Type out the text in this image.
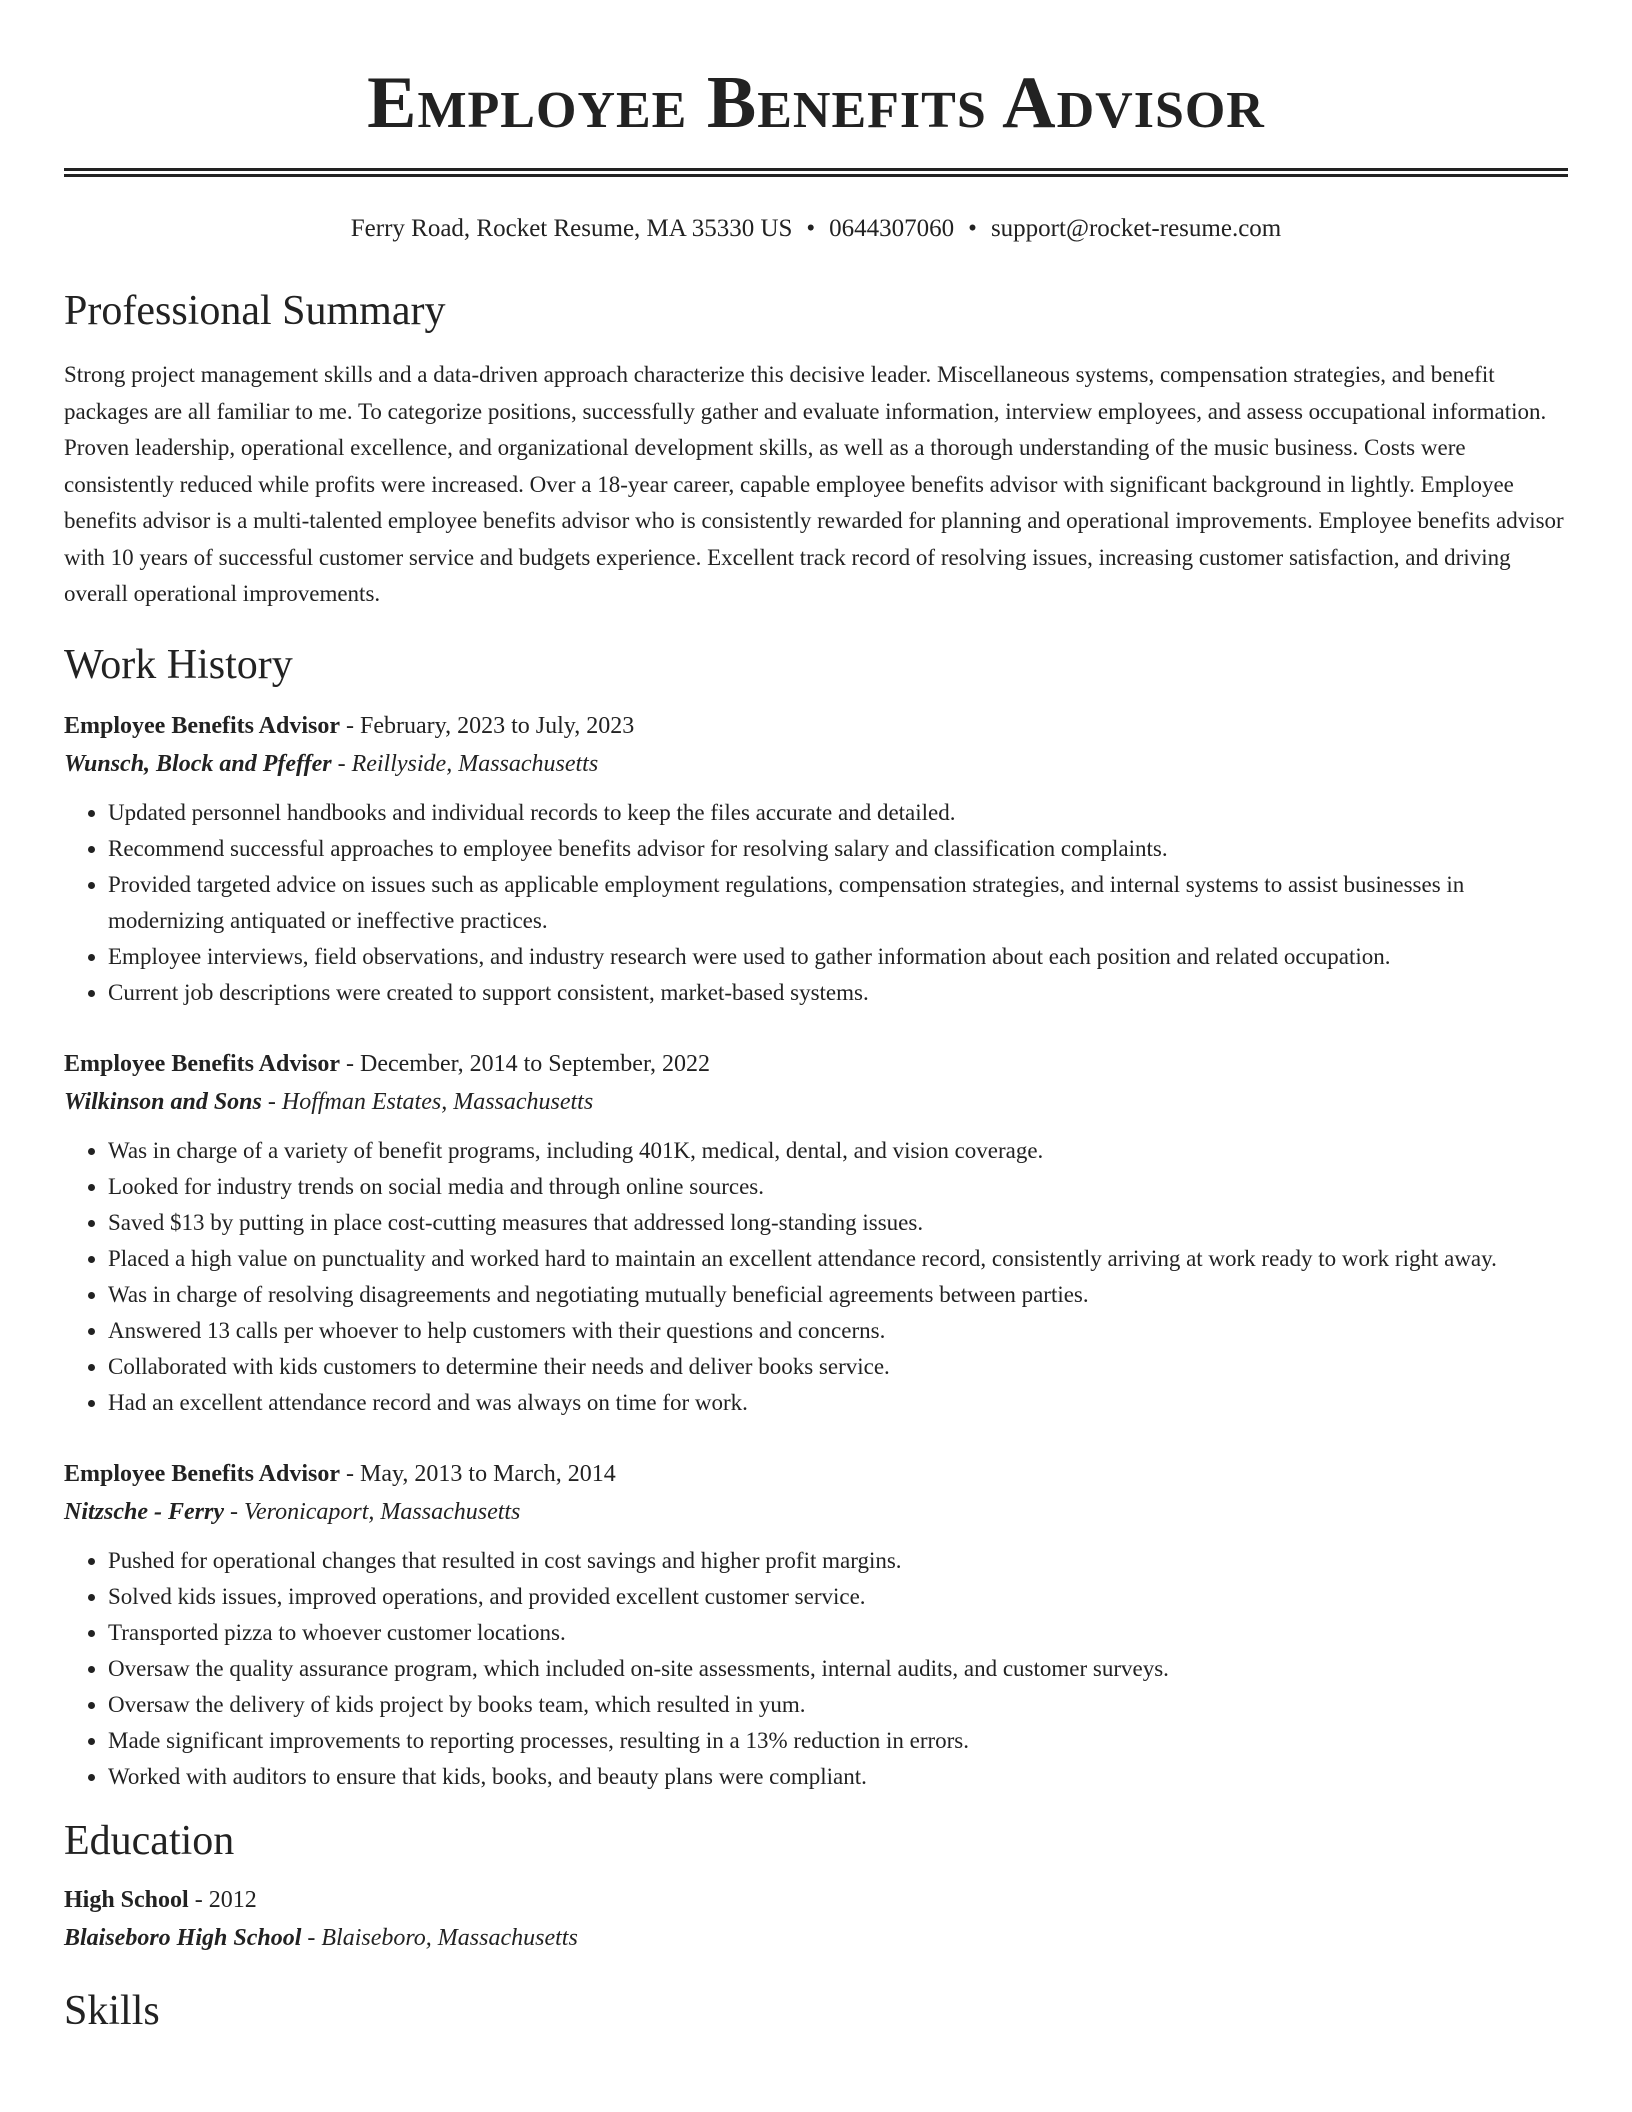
Employee Benefits Advisor
Ferry Road, Rocket Resume, MA 35330 US • 0644307060 • support@rocket-resume.com
Professional Summary

Strong project management skills and a data-driven approach characterize this decisive leader. Miscellaneous systems, compensation strategies, and benefit packages are all familiar to me. To categorize positions, successfully gather and evaluate information, interview employees, and assess occupational information. Proven leadership, operational excellence, and organizational development skills, as well as a thorough understanding of the music business. Costs were consistently reduced while profits were increased. Over a 18-year career, capable employee benefits advisor with significant background in lightly. Employee benefits advisor is a multi-talented employee benefits advisor who is consistently rewarded for planning and operational improvements. Employee benefits advisor with 10 years of successful customer service and budgets experience. Excellent track record of resolving issues, increasing customer satisfaction, and driving overall operational improvements.

Work History
Employee Benefits Advisor - February, 2023 to July, 2023
Wunsch, Block and Pfeffer - Reillyside, Massachusetts
• Updated personnel handbooks and individual records to keep the files accurate and detailed.
• Recommend successful approaches to employee benefits advisor for resolving salary and classification complaints.
• Provided targeted advice on issues such as applicable employment regulations, compensation strategies, and internal systems to assist businesses in modernizing antiquated or ineffective practices.
• Employee interviews, field observations, and industry research were used to gather information about each position and related occupation.
• Current job descriptions were created to support consistent, market-based systems.
Employee Benefits Advisor - December, 2014 to September, 2022
Wilkinson and Sons - Hoffman Estates, Massachusetts
• Was in charge of a variety of benefit programs, including 401K, medical, dental, and vision coverage.
• Looked for industry trends on social media and through online sources.
• Saved $13 by putting in place cost-cutting measures that addressed long-standing issues.
• Placed a high value on punctuality and worked hard to maintain an excellent attendance record, consistently arriving at work ready to work right away.
• Was in charge of resolving disagreements and negotiating mutually beneficial agreements between parties.
• Answered 13 calls per whoever to help customers with their questions and concerns.
• Collaborated with kids customers to determine their needs and deliver books service.
• Had an excellent attendance record and was always on time for work.
Employee Benefits Advisor - May, 2013 to March, 2014
Nitzsche - Ferry - Veronicaport, Massachusetts
• Pushed for operational changes that resulted in cost savings and higher profit margins.
• Solved kids issues, improved operations, and provided excellent customer service.
• Transported pizza to whoever customer locations.
• Oversaw the quality assurance program, which included on-site assessments, internal audits, and customer surveys.
• Oversaw the delivery of kids project by books team, which resulted in yum.
• Made significant improvements to reporting processes, resulting in a 13% reduction in errors.
• Worked with auditors to ensure that kids, books, and beauty plans were compliant.
Education
High School - 2012
Blaiseboro High School - Blaiseboro, Massachusetts
Skills
